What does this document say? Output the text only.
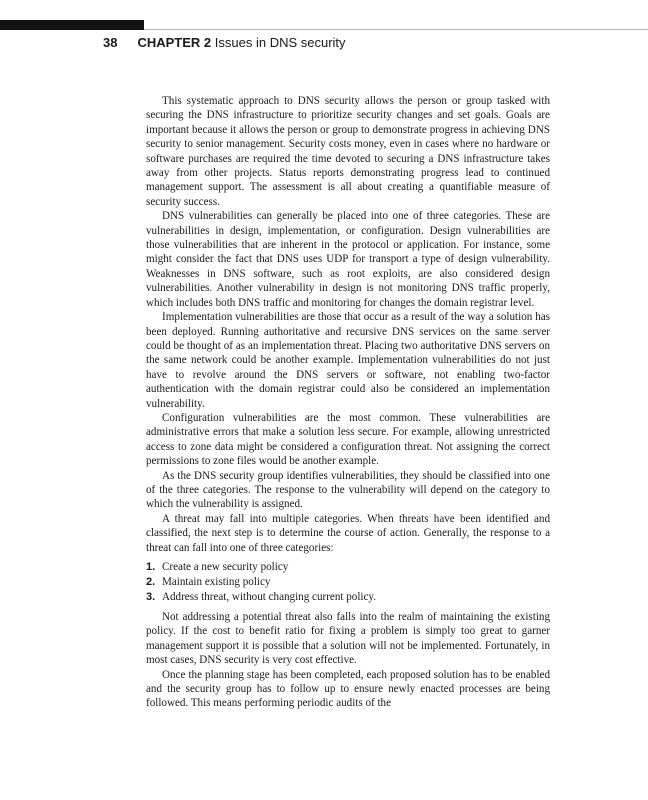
38 CHAPTER 2 Issues in DNS security

This systematic approach to DNS security allows the person or group tasked with securing the DNS infrastructure to prioritize security changes and set goals. Goals are important because it allows the person or group to demonstrate progress in achieving DNS security to senior management. Security costs money, even in cases where no hardware or software purchases are required the time devoted to securing a DNS infrastructure takes away from other projects. Status reports demonstrating progress lead to continued management support. The assessment is all about creating a quantifiable measure of security success.

DNS vulnerabilities can generally be placed into one of three categories. These are vulnerabilities in design, implementation, or configuration. Design vulnerabilities are those vulnerabilities that are inherent in the protocol or application. For instance, some might consider the fact that DNS uses UDP for transport a type of design vulnerability. Weaknesses in DNS software, such as root exploits, are also considered design vulnerabilities. Another vulnerability in design is not monitoring DNS traffic properly, which includes both DNS traffic and monitoring for changes the domain registrar level.

Implementation vulnerabilities are those that occur as a result of the way a solution has been deployed. Running authoritative and recursive DNS services on the same server could be thought of as an implementation threat. Placing two authoritative DNS servers on the same network could be another example. Implementation vulnerabilities do not just have to revolve around the DNS servers or software, not enabling two-factor authentication with the domain registrar could also be considered an implementation vulnerability.

Configuration vulnerabilities are the most common. These vulnerabilities are administrative errors that make a solution less secure. For example, allowing unrestricted access to zone data might be considered a configuration threat. Not assigning the correct permissions to zone files would be another example.

As the DNS security group identifies vulnerabilities, they should be classified into one of the three categories. The response to the vulnerability will depend on the category to which the vulnerability is assigned.

A threat may fall into multiple categories. When threats have been identified and classified, the next step is to determine the course of action. Generally, the response to a threat can fall into one of three categories:

1. Create a new security policy
2. Maintain existing policy
3. Address threat, without changing current policy.

Not addressing a potential threat also falls into the realm of maintaining the existing policy. If the cost to benefit ratio for fixing a problem is simply too great to garner management support it is possible that a solution will not be implemented. Fortunately, in most cases, DNS security is very cost effective.

Once the planning stage has been completed, each proposed solution has to be enabled and the security group has to follow up to ensure newly enacted processes are being followed. This means performing periodic audits of the
